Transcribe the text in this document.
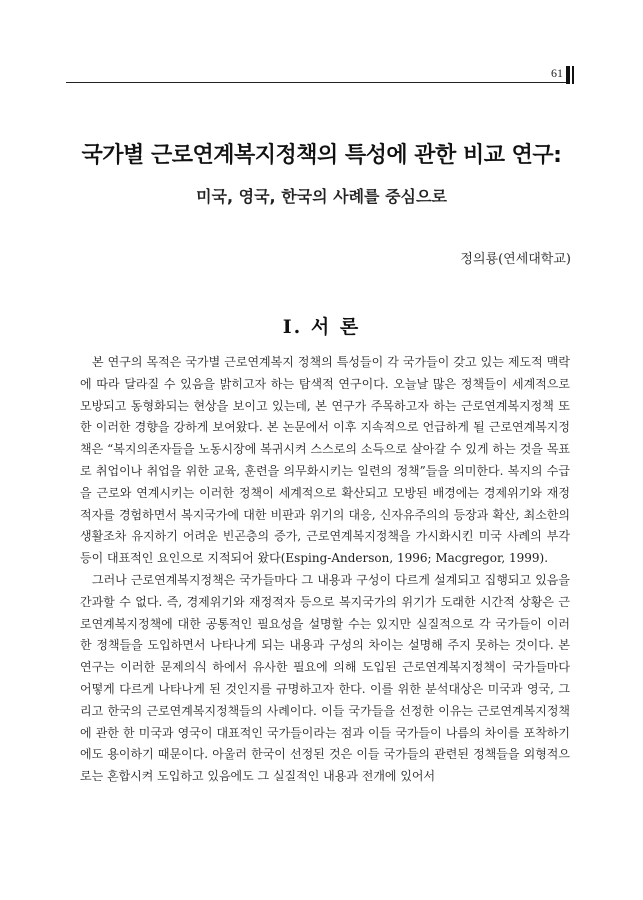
61
국가별 근로연계복지정책의 특성에 관한 비교 연구:
미국, 영국, 한국의 사례를 중심으로
정의룡(연세대학교)
Ⅰ. 서 론

본 연구의 목적은 국가별 근로연계복지 정책의 특성들이 각 국가들이 갖고 있는 제도적 맥락에 따라 달라질 수 있음을 밝히고자 하는 탐색적 연구이다. 오늘날 많은 정책들이 세계적으로 모방되고 동형화되는 현상을 보이고 있는데, 본 연구가 주목하고자 하는 근로연계복지정책 또한 이러한 경향을 강하게 보여왔다. 본 논문에서 이후 지속적으로 언급하게 될 근로연계복지정책은 “복지의존자들을 노동시장에 복귀시켜 스스로의 소득으로 살아갈 수 있게 하는 것을 목표로 취업이나 취업을 위한 교육, 훈련을 의무화시키는 일련의 정책”들을 의미한다. 복지의 수급을 근로와 연계시키는 이러한 정책이 세계적으로 확산되고 모방된 배경에는 경제위기와 재정적자를 경험하면서 복지국가에 대한 비판과 위기의 대응, 신자유주의의 등장과 확산, 최소한의 생활조차 유지하기 어려운 빈곤층의 증가, 근로연계복지정책을 가시화시킨 미국 사례의 부각 등이 대표적인 요인으로 지적되어 왔다(Esping-Anderson, 1996; Macgregor, 1999).

그러나 근로연계복지정책은 국가들마다 그 내용과 구성이 다르게 설계되고 집행되고 있음을 간과할 수 없다. 즉, 경제위기와 재정적자 등으로 복지국가의 위기가 도래한 시간적 상황은 근로연계복지정책에 대한 공통적인 필요성을 설명할 수는 있지만 실질적으로 각 국가들이 이러한 정책들을 도입하면서 나타나게 되는 내용과 구성의 차이는 설명해 주지 못하는 것이다. 본 연구는 이러한 문제의식 하에서 유사한 필요에 의해 도입된 근로연계복지정책이 국가들마다 어떻게 다르게 나타나게 된 것인지를 규명하고자 한다. 이를 위한 분석대상은 미국과 영국, 그리고 한국의 근로연계복지정책들의 사례이다. 이들 국가들을 선정한 이유는 근로연계복지정책에 관한 한 미국과 영국이 대표적인 국가들이라는 점과 이들 국가들이 나름의 차이를 포착하기에도 용이하기 때문이다. 아울러 한국이 선정된 것은 이들 국가들의 관련된 정책들을 외형적으로는 혼합시켜 도입하고 있음에도 그 실질적인 내용과 전개에 있어서
